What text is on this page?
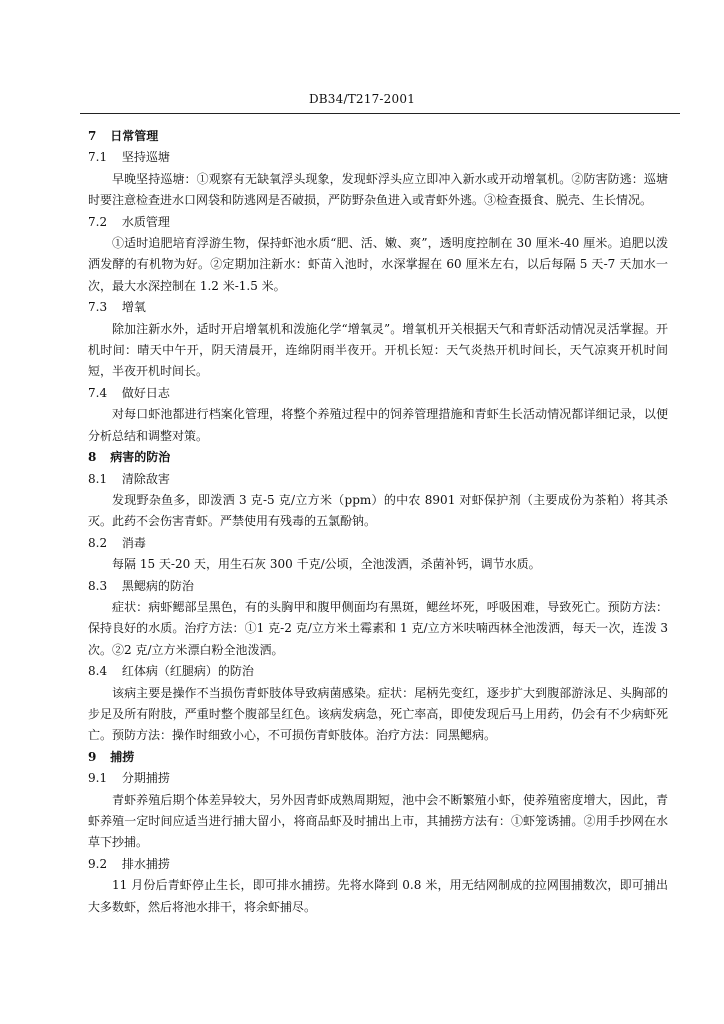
DB34/T217-2001
7 日常管理
7.1 坚持巡塘

早晚坚持巡塘：①观察有无缺氧浮头现象，发现虾浮头应立即冲入新水或开动增氧机。②防害防逃：巡塘时要注意检查进水口网袋和防逃网是否破损，严防野杂鱼进入或青虾外逃。③检查摄食、脱壳、生长情况。

7.2 水质管理

①适时追肥培育浮游生物，保持虾池水质“肥、活、嫩、爽”，透明度控制在 30 厘米-40 厘米。追肥以泼洒发酵的有机物为好。②定期加注新水：虾苗入池时，水深掌握在 60 厘米左右，以后每隔 5 天-7 天加水一次，最大水深控制在 1.2 米-1.5 米。

7.3 增氧

除加注新水外，适时开启增氧机和泼施化学“增氧灵”。增氧机开关根据天气和青虾活动情况灵活掌握。开机时间：晴天中午开，阴天清晨开，连绵阴雨半夜开。开机长短：天气炎热开机时间长，天气凉爽开机时间短，半夜开机时间长。

7.4 做好日志

对每口虾池都进行档案化管理，将整个养殖过程中的饲养管理措施和青虾生长活动情况都详细记录，以便分析总结和调整对策。

8 病害的防治
8.1 清除敌害

发现野杂鱼多，即泼洒 3 克-5 克/立方米（ppm）的中农 8901 对虾保护剂（主要成份为茶粕）将其杀灭。此药不会伤害青虾。严禁使用有残毒的五氯酚钠。

8.2 消毒

每隔 15 天-20 天，用生石灰 300 千克/公顷，全池泼洒，杀菌补钙，调节水质。

8.3 黑鳃病的防治

症状：病虾鳃部呈黑色，有的头胸甲和腹甲侧面均有黑斑，鳃丝坏死，呼吸困难，导致死亡。预防方法：保持良好的水质。治疗方法：①1 克-2 克/立方米土霉素和 1 克/立方米呋喃西林全池泼洒，每天一次，连泼 3 次。②2 克/立方米漂白粉全池泼洒。

8.4 红体病（红腿病）的防治

该病主要是操作不当损伤青虾肢体导致病菌感染。症状：尾柄先变红，逐步扩大到腹部游泳足、头胸部的步足及所有附肢，严重时整个腹部呈红色。该病发病急，死亡率高，即使发现后马上用药，仍会有不少病虾死亡。预防方法：操作时细致小心，不可损伤青虾肢体。治疗方法：同黑鳃病。

9 捕捞
9.1 分期捕捞

青虾养殖后期个体差异较大，另外因青虾成熟周期短，池中会不断繁殖小虾，使养殖密度增大，因此，青虾养殖一定时间应适当进行捕大留小，将商品虾及时捕出上市，其捕捞方法有：①虾笼诱捕。②用手抄网在水草下抄捕。

9.2 排水捕捞

11 月份后青虾停止生长，即可排水捕捞。先将水降到 0.8 米，用无结网制成的拉网围捕数次，即可捕出大多数虾，然后将池水排干，将余虾捕尽。
